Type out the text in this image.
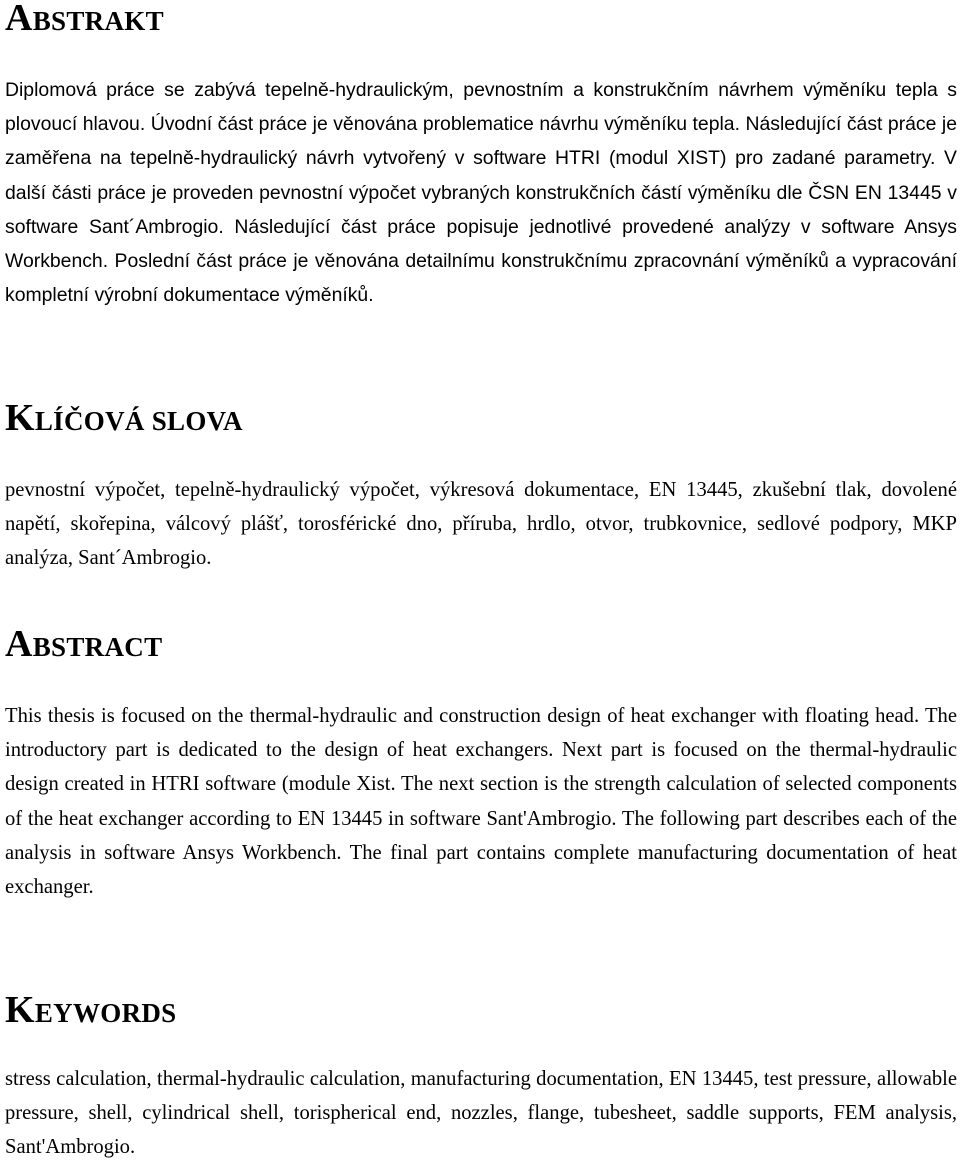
ABSTRAKT

Diplomová práce se zabývá tepelně-hydraulickým, pevnostním a konstrukčním návrhem výměníku tepla s plovoucí hlavou. Úvodní část práce je věnována problematice návrhu výměníku tepla. Následující část práce je zaměřena na tepelně-hydraulický návrh vytvořený v software HTRI (modul XIST) pro zadané parametry. V další části práce je proveden pevnostní výpočet vybraných konstrukčních částí výměníku dle ČSN EN 13445 v software Sant´Ambrogio. Následující část práce popisuje jednotlivé provedené analýzy v software Ansys Workbench. Poslední část práce je věnována detailnímu konstrukčnímu zpracovnání výměníků a vypracování kompletní výrobní dokumentace výměníků.

KLÍČOVÁ SLOVA

pevnostní výpočet, tepelně-hydraulický výpočet, výkresová dokumentace, EN 13445, zkušební tlak, dovolené napětí, skořepina, válcový plášť, torosférické dno, příruba, hrdlo, otvor, trubkovnice, sedlové podpory, MKP analýza, Sant´Ambrogio.

ABSTRACT

This thesis is focused on the thermal-hydraulic and construction design of heat exchanger with floating head. The introductory part is dedicated to the design of heat exchangers. Next part is focused on the thermal-hydraulic design created in HTRI software (module Xist. The next section is the strength calculation of selected components of the heat exchanger according to EN 13445 in software Sant'Ambrogio. The following part describes each of the analysis in software Ansys Workbench. The final part contains complete manufacturing documentation of heat exchanger.

KEYWORDS

stress calculation, thermal-hydraulic calculation, manufacturing documentation, EN 13445, test pressure, allowable pressure, shell, cylindrical shell, torispherical end, nozzles, flange, tubesheet, saddle supports, FEM analysis, Sant'Ambrogio.
